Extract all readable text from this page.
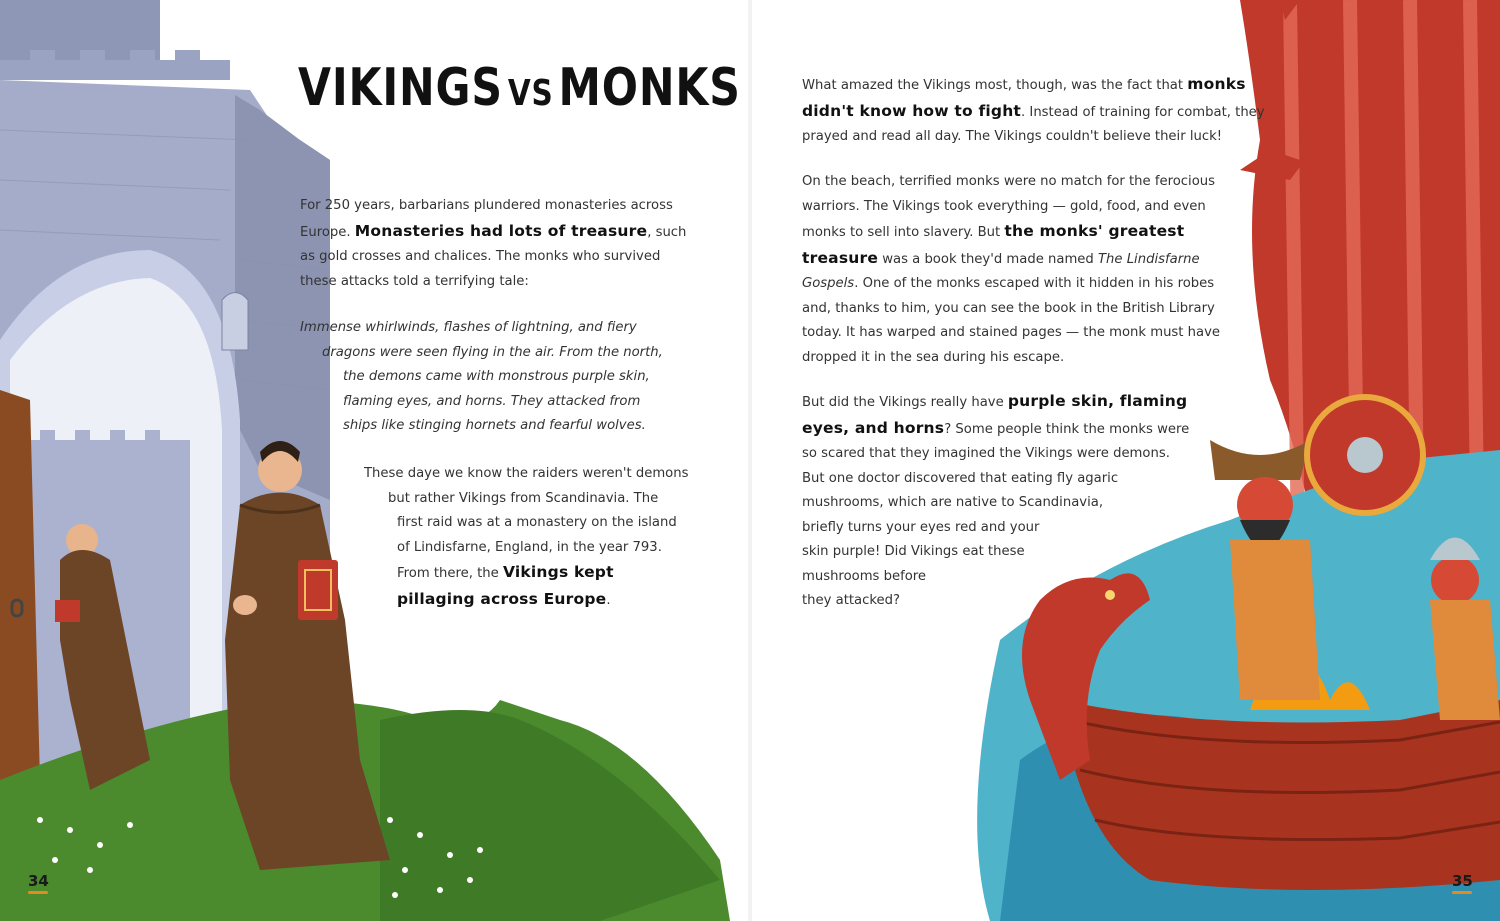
VIKINGS VSMONKS
For 250 years, barbarians plundered monasteries across
Europe. Monasteries had lots of treasure, such
as gold crosses and chalices. The monks who survived
these attacks told a terrifying tale:
Immense whirlwinds, flashes of lightning, and fiery
dragons were seen flying in the air. From the north,
the demons came with monstrous purple skin,
flaming eyes, and horns. They attacked from
ships like stinging hornets and fearful wolves.
These daye we know the raiders weren't demons
but rather Vikings from Scandinavia. The
first raid was at a monastery on the island
of Lindisfarne, England, in the year 793.
From there, the Vikings kept
pillaging across Europe.
What amazed the Vikings most, though, was the fact that monks
didn't know how to fight. Instead of training for combat, they
prayed and read all day. The Vikings couldn't believe their luck!
On the beach, terrified monks were no match for the ferocious
warriors. The Vikings took everything — gold, food, and even
monks to sell into slavery. But the monks' greatest
treasure was a book they'd made named The Lindisfarne
Gospels. One of the monks escaped with it hidden in his robes
and, thanks to him, you can see the book in the British Library
today. It has warped and stained pages — the monk must have
dropped it in the sea during his escape.
But did the Vikings really have purple skin, flaming
eyes, and horns? Some people think the monks were
so scared that they imagined the Vikings were demons.
But one doctor discovered that eating fly agaric
mushrooms, which are native to Scandinavia,
briefly turns your eyes red and your
skin purple! Did Vikings eat these
mushrooms before
they attacked?
34	35
